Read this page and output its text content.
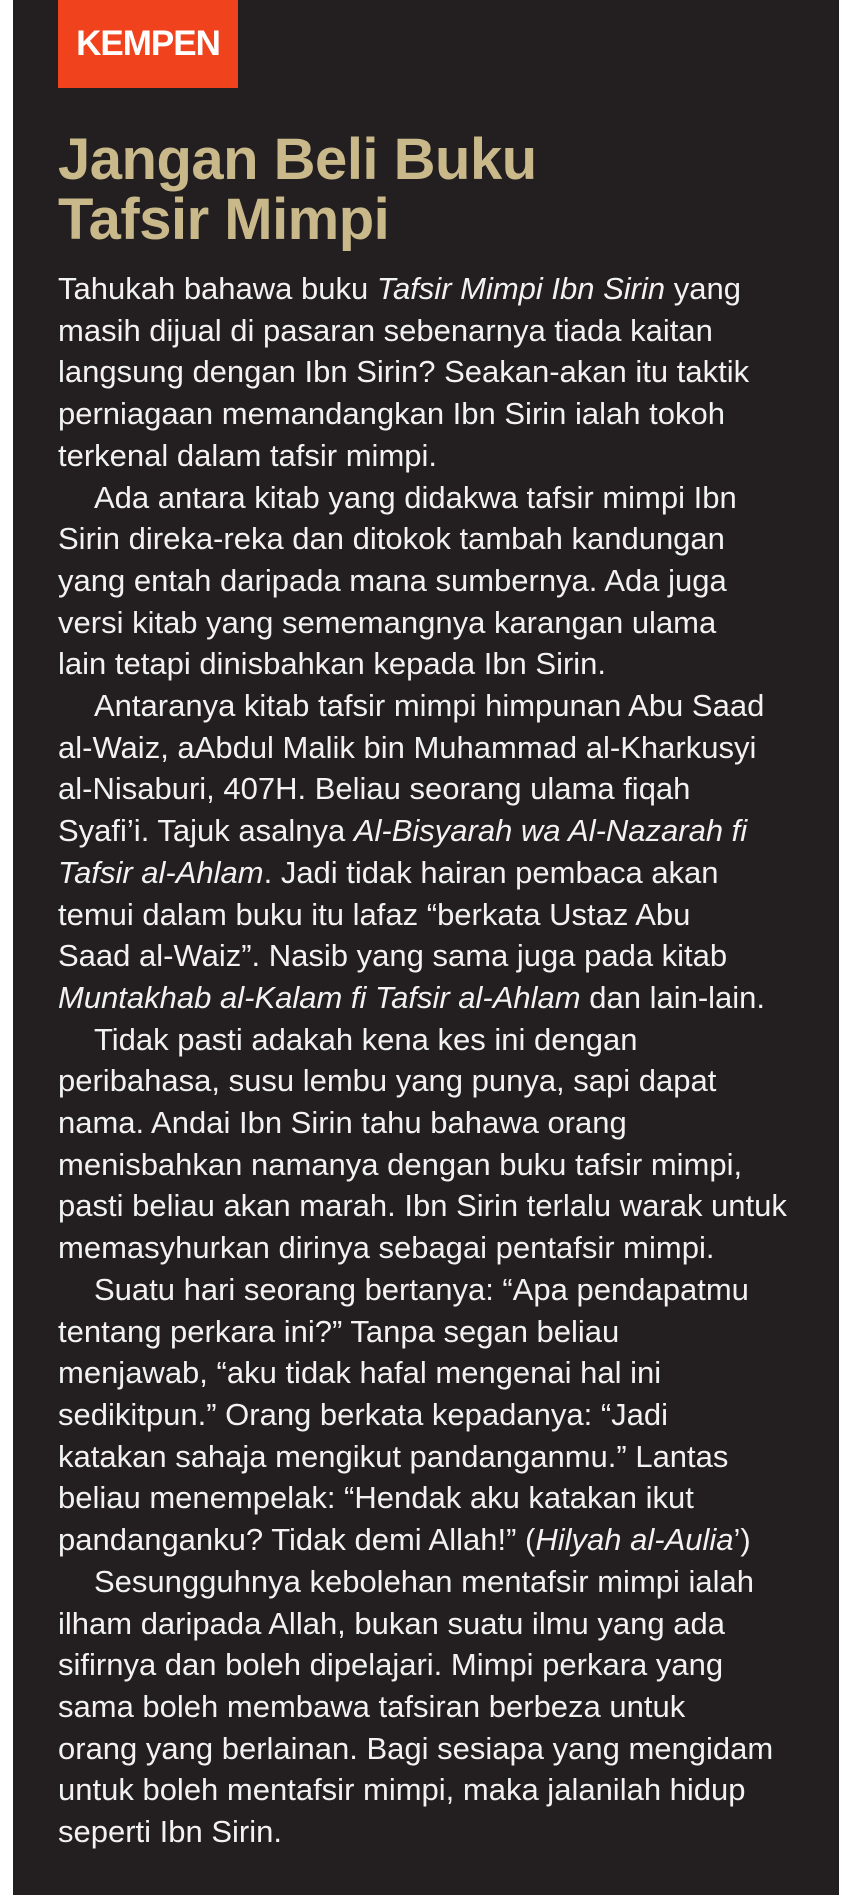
KEMPEN
Jangan Beli Buku
Tafsir Mimpi
Tahukah bahawa buku Tafsir Mimpi Ibn Sirin yang
masih dijual di pasaran sebenarnya tiada kaitan
langsung dengan Ibn Sirin? Seakan-akan itu taktik
perniagaan memandangkan Ibn Sirin ialah tokoh
terkenal dalam tafsir mimpi.
Ada antara kitab yang didakwa tafsir mimpi Ibn
Sirin direka-reka dan ditokok tambah kandungan
yang entah daripada mana sumbernya. Ada juga
versi kitab yang sememangnya karangan ulama
lain tetapi dinisbahkan kepada Ibn Sirin.
Antaranya kitab tafsir mimpi himpunan Abu Saad
al-Waiz, aAbdul Malik bin Muhammad al-Kharkusyi
al-Nisaburi, 407H. Beliau seorang ulama fiqah
Syafi’i. Tajuk asalnya Al-Bisyarah wa Al-Nazarah fi
Tafsir al-Ahlam. Jadi tidak hairan pembaca akan
temui dalam buku itu lafaz “berkata Ustaz Abu
Saad al-Waiz”. Nasib yang sama juga pada kitab
Muntakhab al-Kalam fi Tafsir al-Ahlam dan lain-lain.
Tidak pasti adakah kena kes ini dengan
peribahasa, susu lembu yang punya, sapi dapat
nama. Andai Ibn Sirin tahu bahawa orang
menisbahkan namanya dengan buku tafsir mimpi,
pasti beliau akan marah. Ibn Sirin terlalu warak untuk
memasyhurkan dirinya sebagai pentafsir mimpi.
Suatu hari seorang bertanya: “Apa pendapatmu
tentang perkara ini?” Tanpa segan beliau
menjawab, “aku tidak hafal mengenai hal ini
sedikitpun.” Orang berkata kepadanya: “Jadi
katakan sahaja mengikut pandanganmu.” Lantas
beliau menempelak: “Hendak aku katakan ikut
pandanganku? Tidak demi Allah!” (Hilyah al-Aulia’)
Sesungguhnya kebolehan mentafsir mimpi ialah
ilham daripada Allah, bukan suatu ilmu yang ada
sifirnya dan boleh dipelajari. Mimpi perkara yang
sama boleh membawa tafsiran berbeza untuk
orang yang berlainan. Bagi sesiapa yang mengidam
untuk boleh mentafsir mimpi, maka jalanilah hidup
seperti Ibn Sirin.
